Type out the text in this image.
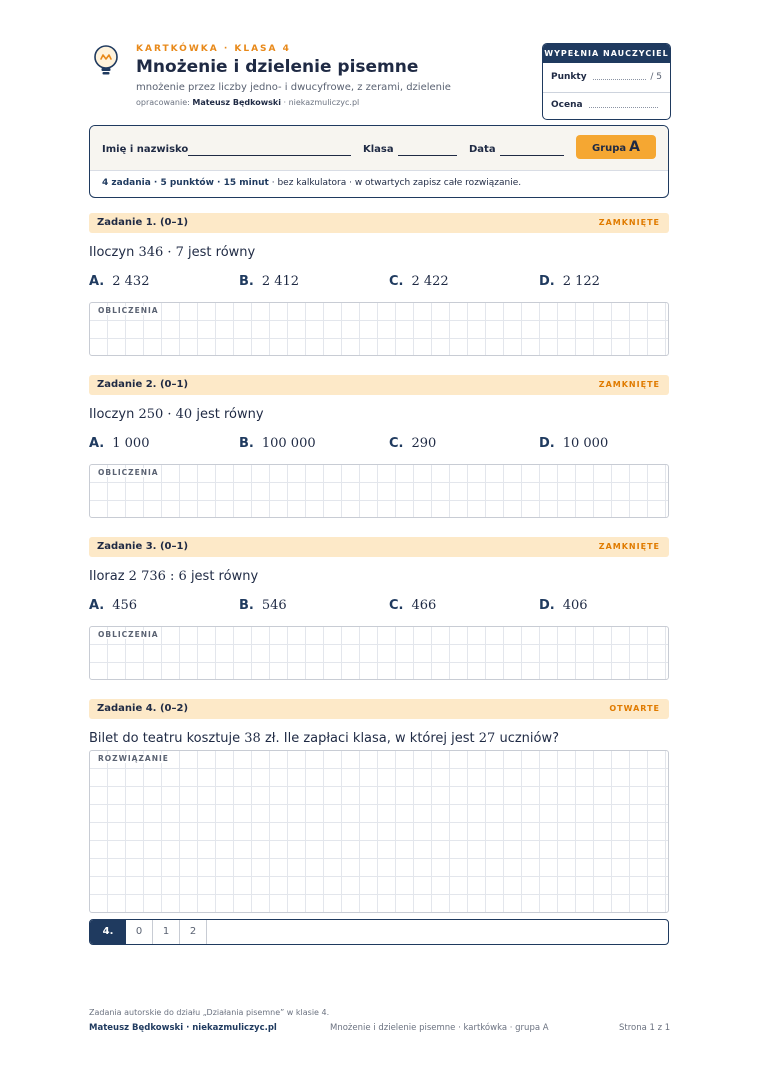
KARTKÓWKA · KLASA 4
Mnożenie i dzielenie pisemne
mnożenie przez liczby jedno- i dwucyfrowe, z zerami, dzielenie
opracowanie: Mateusz Będkowski · niekazmuliczyc.pl
WYPEŁNIA NAUCZYCIEL
Punkty	/ 5
Ocena
Imię i nazwisko	Klasa	Data	Grupa A
4 zadania · 5 punktów · 15 minut · bez kalkulatora · w otwartych zapisz całe rozwiązanie.
Zadanie 1. (0–1)	ZAMKNIĘTE
Iloczyn 346 · 7 jest równy
A. 2 432	B. 2 412	C. 2 422	D. 2 122
OBLICZENIA
Zadanie 2. (0–1)	ZAMKNIĘTE
Iloczyn 250 · 40 jest równy
A. 1 000	B. 100 000	C. 290	D. 10 000
OBLICZENIA
Zadanie 3. (0–1)	ZAMKNIĘTE
Iloraz 2 736 : 6 jest równy
A. 456	B. 546	C. 466	D. 406
OBLICZENIA
Zadanie 4. (0–2)	OTWARTE
Bilet do teatru kosztuje 38 zł. Ile zapłaci klasa, w której jest 27 uczniów?
ROZWIĄZANIE
4.	0	1	2
Zadania autorskie do działu „Działania pisemne” w klasie 4.
Mateusz Będkowski · niekazmuliczyc.pl	Mnożenie i dzielenie pisemne · kartkówka · grupa A	Strona 1 z 1
